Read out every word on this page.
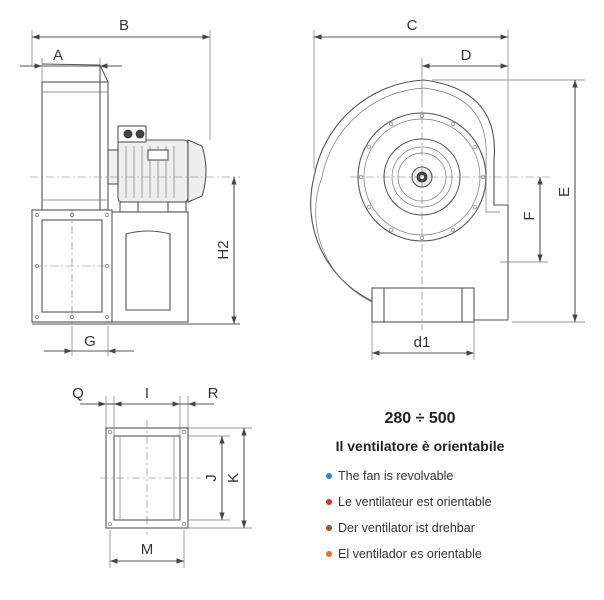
B
A
H2
G
C
D
E
F
d1
Q	I	R
J K
M
280 ÷ 500
Il ventilatore è orientabile
The fan is revolvable
Le ventilateur est orientable
Der ventilator ist drehbar
El ventilador es orientable
